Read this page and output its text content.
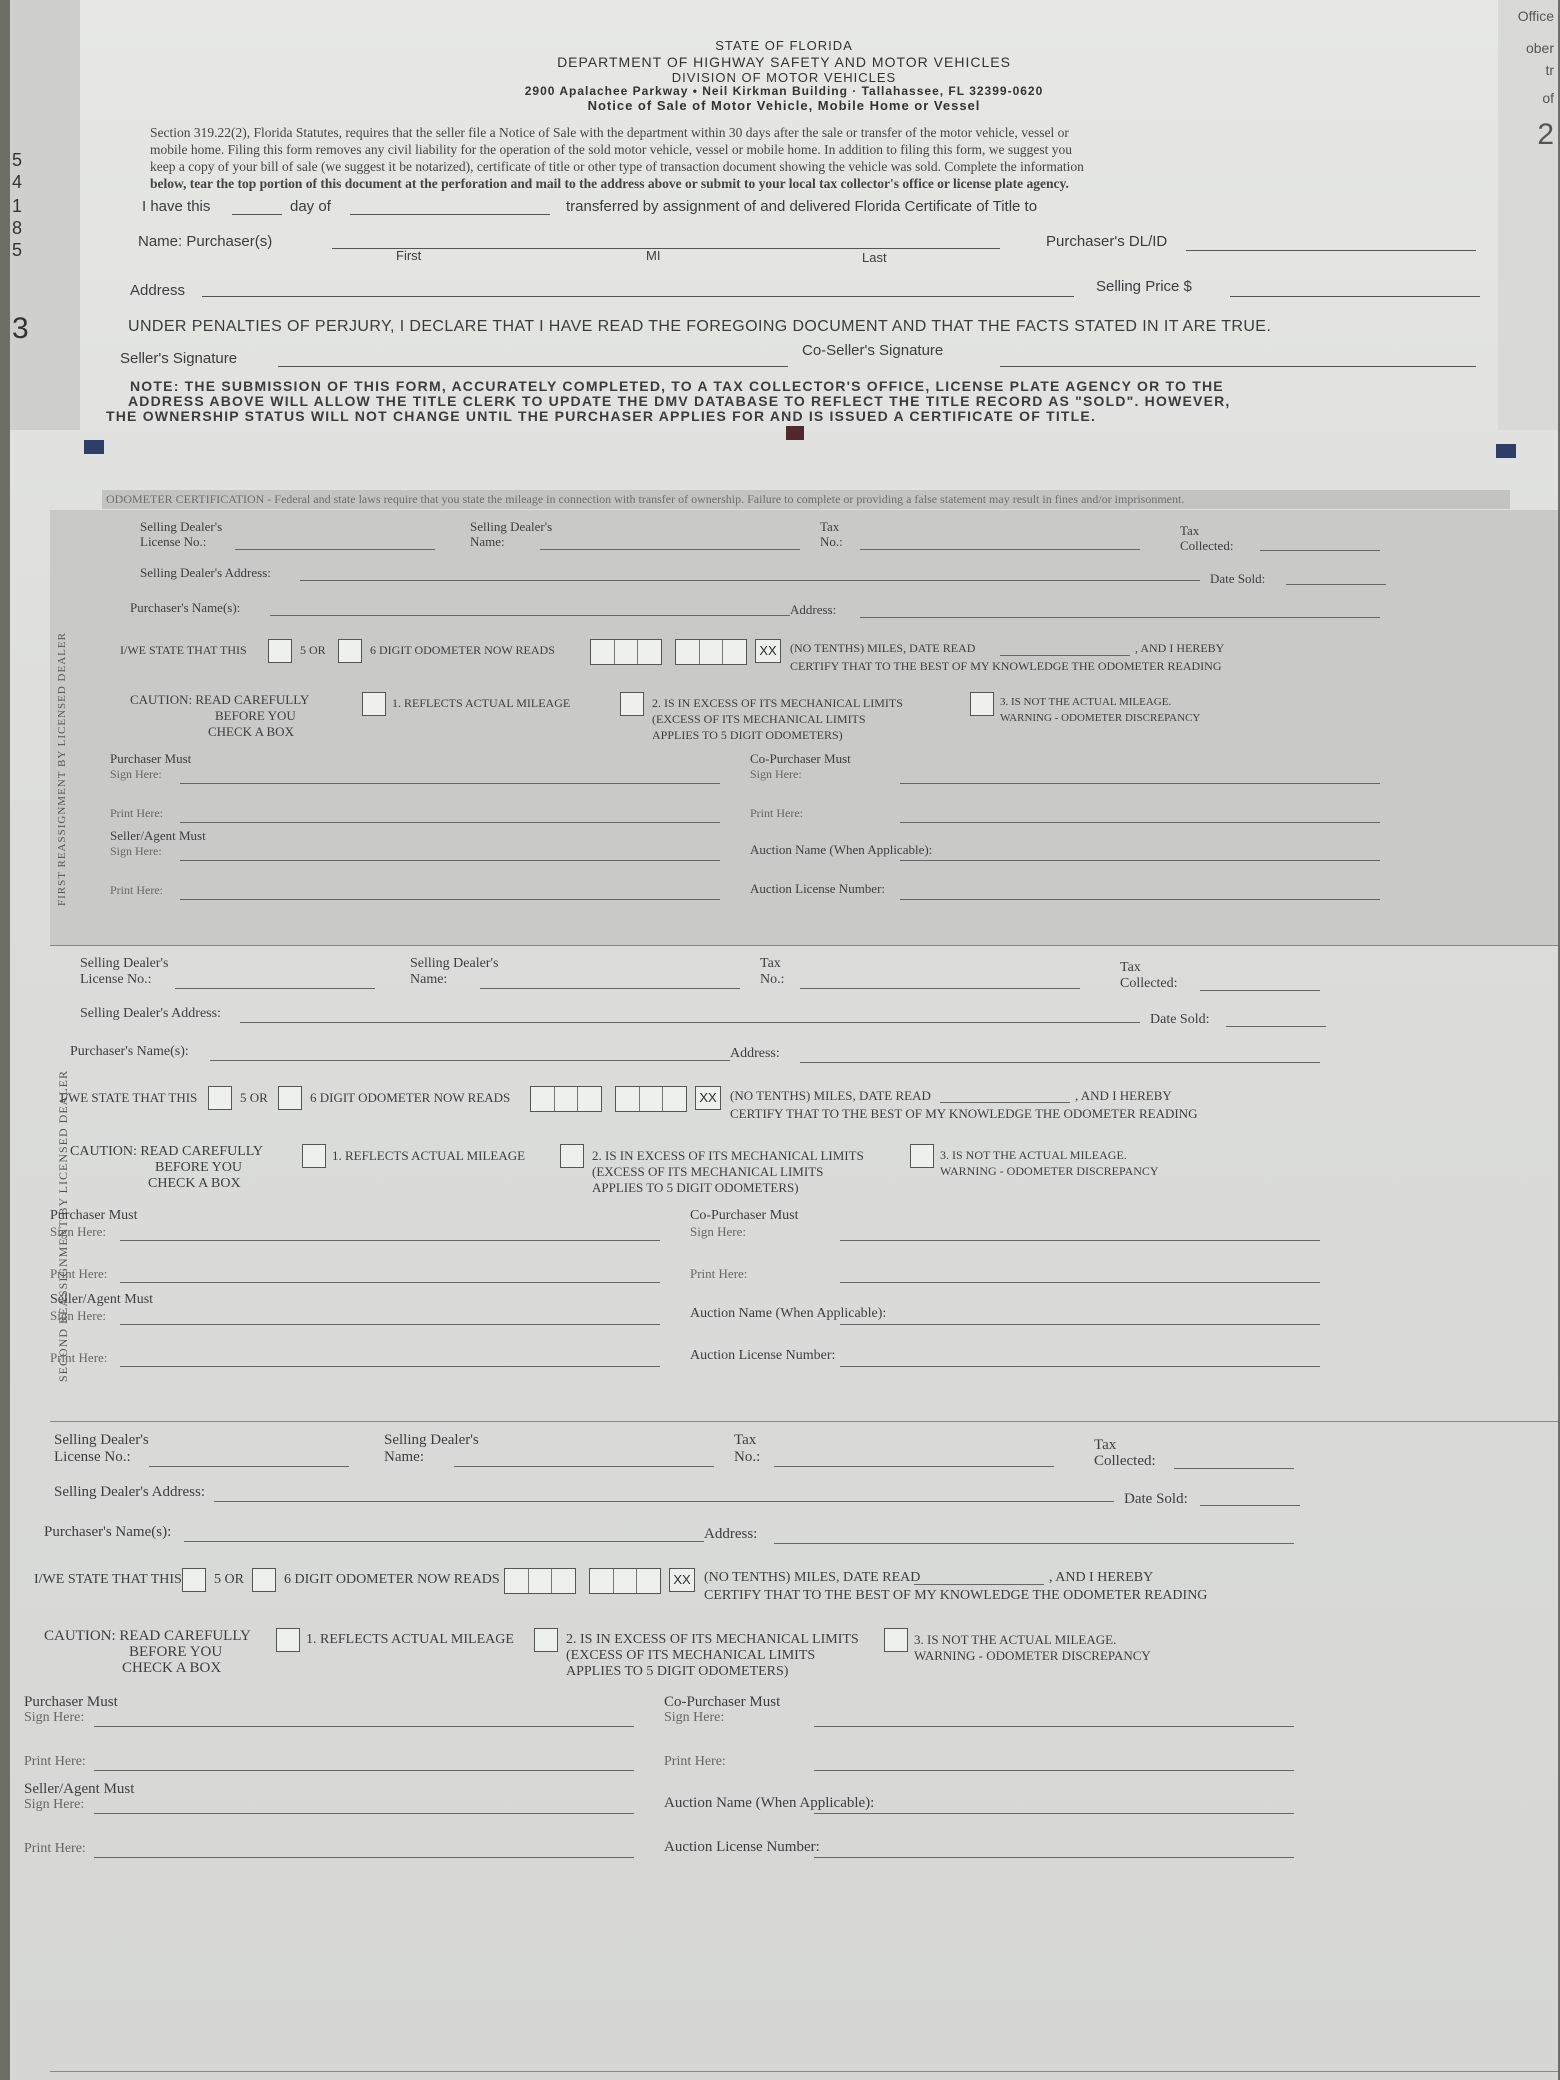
5
4
1
8
5
3
Office
ober
tr
of
2
STATE OF FLORIDA
DEPARTMENT OF HIGHWAY SAFETY AND MOTOR VEHICLES
DIVISION OF MOTOR VEHICLES
2900 Apalachee Parkway • Neil Kirkman Building · Tallahassee, FL 32399-0620
Notice of Sale of Motor Vehicle, Mobile Home or Vessel
Section 319.22(2), Florida Statutes, requires that the seller file a Notice of Sale with the department within 30 days after the sale or transfer of the motor vehicle, vessel or
mobile home. Filing this form removes any civil liability for the operation of the sold motor vehicle, vessel or mobile home. In addition to filing this form, we suggest you
keep a copy of your bill of sale (we suggest it be notarized), certificate of title or other type of transaction document showing the vehicle was sold. Complete the information
below, tear the top portion of this document at the perforation and mail to the address above or submit to your local tax collector's office or license plate agency.
I have this	day of	transferred by assignment of and delivered Florida Certificate of Title to
Name: Purchaser(s)
First	MI	Last
Purchaser's DL/ID
Address	Selling Price $
UNDER PENALTIES OF PERJURY, I DECLARE THAT I HAVE READ THE FOREGOING DOCUMENT AND THAT THE FACTS STATED IN IT ARE TRUE.
Seller's Signature	Co-Seller's Signature
NOTE: THE SUBMISSION OF THIS FORM, ACCURATELY COMPLETED, TO A TAX COLLECTOR'S OFFICE, LICENSE PLATE AGENCY OR TO THE
ADDRESS ABOVE WILL ALLOW THE TITLE CLERK TO UPDATE THE DMV DATABASE TO REFLECT THE TITLE RECORD AS "SOLD". HOWEVER,
THE OWNERSHIP STATUS WILL NOT CHANGE UNTIL THE PURCHASER APPLIES FOR AND IS ISSUED A CERTIFICATE OF TITLE.
ODOMETER CERTIFICATION - Federal and state laws require that you state the mileage in connection with transfer of ownership. Failure to complete or providing a false statement may result in fines and/or imprisonment.
FIRST REASSIGNMENT BY LICENSED DEALER
Selling Dealer's
License No.:
Selling Dealer's
Name:
Tax
No.:
Tax
Collected:
Selling Dealer's Address:	Date Sold:
Purchaser's Name(s):	Address:
I/WE STATE THAT THIS	5 OR	6 DIGIT ODOMETER NOW READS	XX	(NO TENTHS) MILES, DATE READ	, AND I HEREBY
CERTIFY THAT TO THE BEST OF MY KNOWLEDGE THE ODOMETER READING
CAUTION: READ CAREFULLY
BEFORE YOU
CHECK A BOX
1. REFLECTS ACTUAL MILEAGE	2. IS IN EXCESS OF ITS MECHANICAL LIMITS
(EXCESS OF ITS MECHANICAL LIMITS
APPLIES TO 5 DIGIT ODOMETERS)
3. IS NOT THE ACTUAL MILEAGE.
WARNING - ODOMETER DISCREPANCY
Purchaser Must
Sign Here:
Co-Purchaser Must
Sign Here:
Print Here:	Print Here:
Seller/Agent Must
Sign Here:	Auction Name (When Applicable):
Print Here:	Auction License Number:
SECOND REASSIGNMENT BY LICENSED DEALER
Selling Dealer's
License No.:
Selling Dealer's
Name:
Tax
No.:
Tax
Collected:
Selling Dealer's Address:	Date Sold:
Purchaser's Name(s):	Address:
I/WE STATE THAT THIS	5 OR	6 DIGIT ODOMETER NOW READS	XX	(NO TENTHS) MILES, DATE READ	, AND I HEREBY
CERTIFY THAT TO THE BEST OF MY KNOWLEDGE THE ODOMETER READING
CAUTION: READ CAREFULLY
BEFORE YOU
CHECK A BOX
1. REFLECTS ACTUAL MILEAGE	2. IS IN EXCESS OF ITS MECHANICAL LIMITS
(EXCESS OF ITS MECHANICAL LIMITS
APPLIES TO 5 DIGIT ODOMETERS)
3. IS NOT THE ACTUAL MILEAGE.
WARNING - ODOMETER DISCREPANCY
Purchaser Must
Sign Here:
Co-Purchaser Must
Sign Here:
Print Here:	Print Here:
Seller/Agent Must
Sign Here:	Auction Name (When Applicable):
Print Here:	Auction License Number:
Selling Dealer's
License No.:
Selling Dealer's
Name:
Tax
No.:
Tax
Collected:
Selling Dealer's Address:	Date Sold:
Purchaser's Name(s):	Address:
I/WE STATE THAT THIS 5 OR	6 DIGIT ODOMETER NOW READS	XX (NO TENTHS) MILES, DATE READ	, AND I HEREBY
CERTIFY THAT TO THE BEST OF MY KNOWLEDGE THE ODOMETER READING
CAUTION: READ CAREFULLY
BEFORE YOU
CHECK A BOX
1. REFLECTS ACTUAL MILEAGE	2. IS IN EXCESS OF ITS MECHANICAL LIMITS
(EXCESS OF ITS MECHANICAL LIMITS
APPLIES TO 5 DIGIT ODOMETERS)
3. IS NOT THE ACTUAL MILEAGE.
WARNING - ODOMETER DISCREPANCY
Purchaser Must
Sign Here:
Co-Purchaser Must
Sign Here:
Print Here:	Print Here:
Seller/Agent Must
Sign Here:	Auction Name (When Applicable):
Print Here:	Auction License Number:
